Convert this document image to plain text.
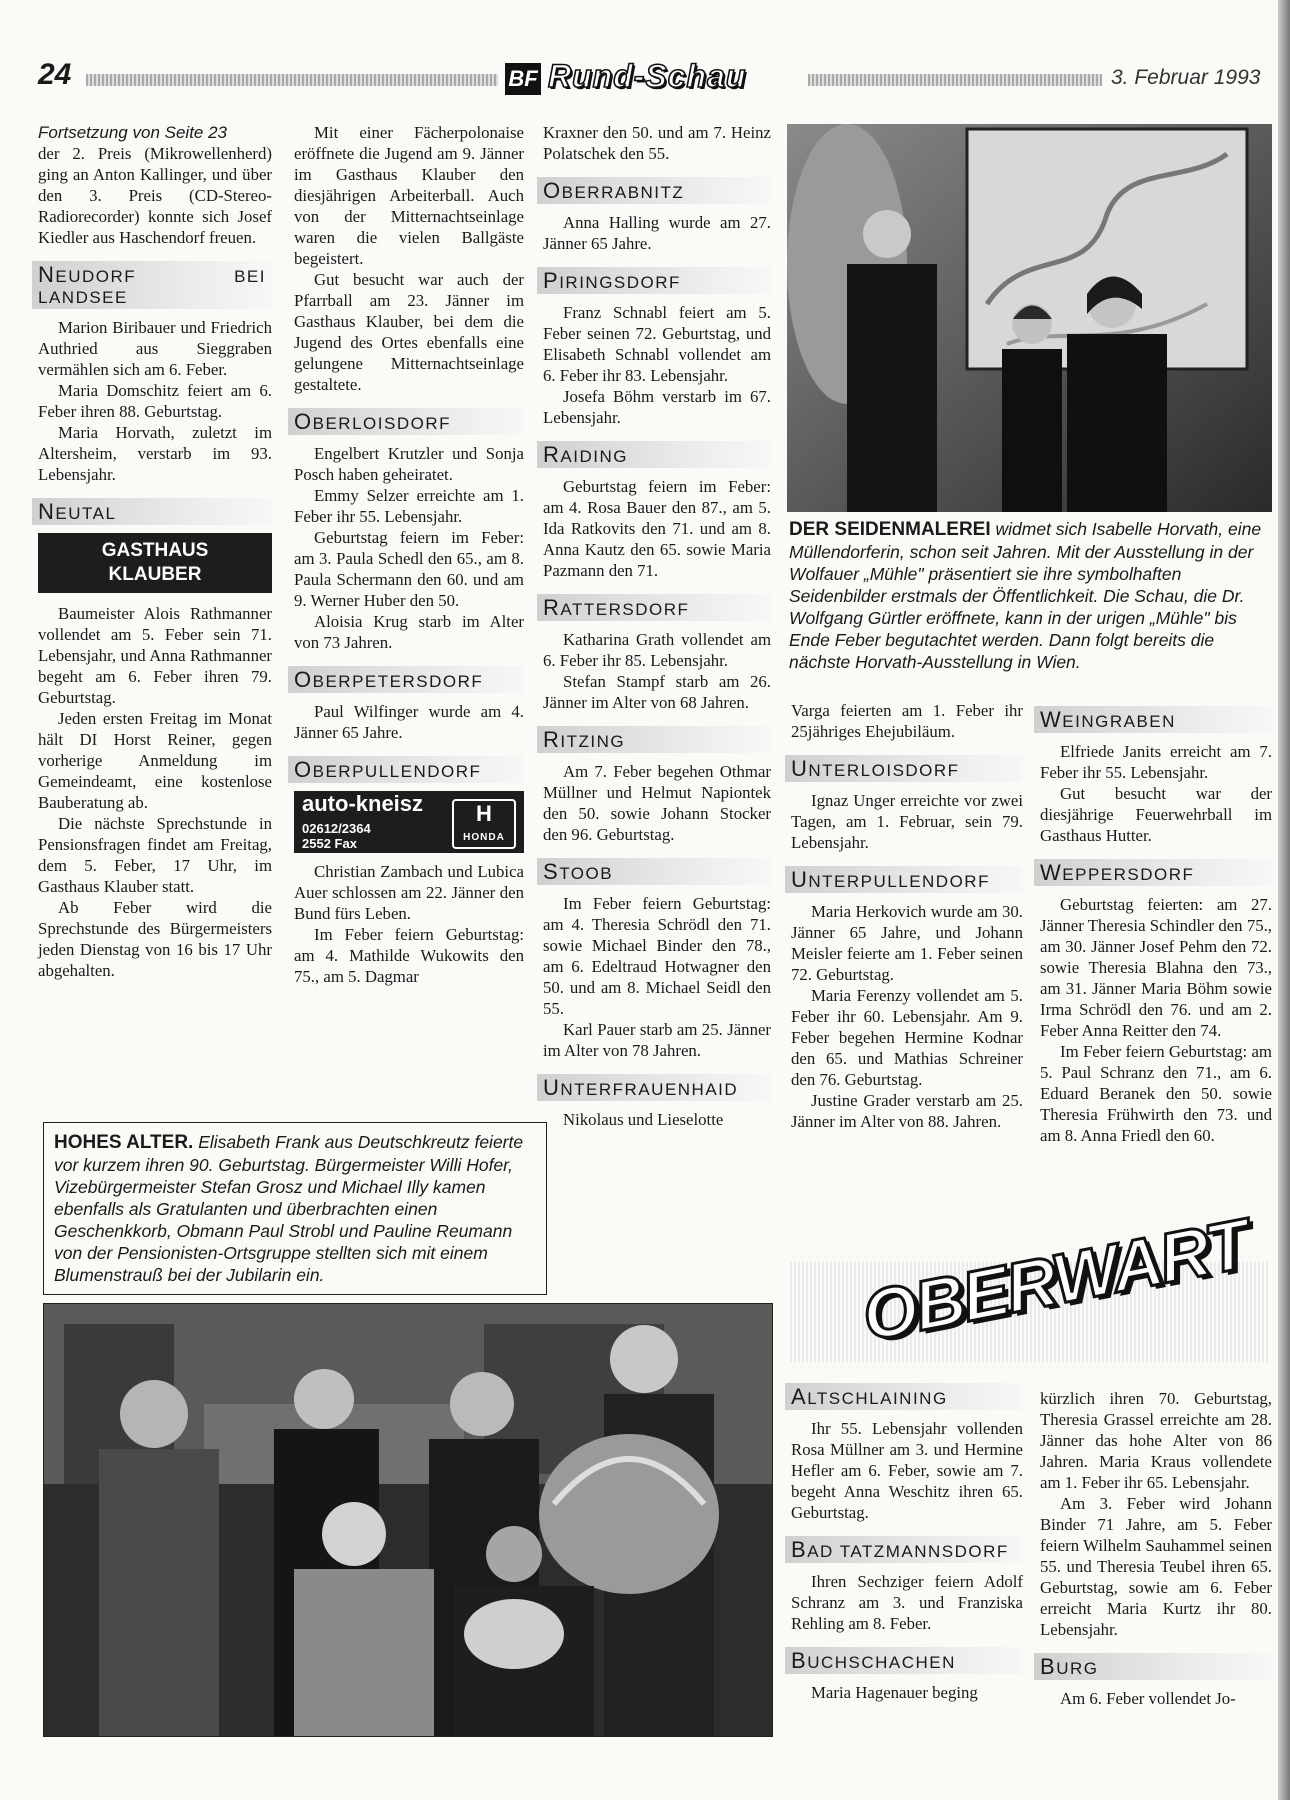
24	BF Rund-Schau	3. Februar 1993

Fortsetzung von Seite 23

der 2. Preis (Mikrowellenherd) ging an Anton Kallinger, und über den 3. Preis (CD-Stereo-Radiorecorder) konnte sich Josef Kiedler aus Haschendorf freuen.

NEUDORF BEI LANDSEE

Marion Biribauer und Friedrich Authried aus Sieggraben vermählen sich am 6. Feber.

Maria Domschitz feiert am 6. Feber ihren 88. Geburtstag.

Maria Horvath, zuletzt im Altersheim, verstarb im 93. Lebensjahr.

NEUTAL
GASTHAUS
KLAUBER

Baumeister Alois Rathmanner vollendet am 5. Feber sein 71. Lebensjahr, und Anna Rathmanner begeht am 6. Feber ihren 79. Geburtstag.

Jeden ersten Freitag im Monat hält DI Horst Reiner, gegen vorherige Anmeldung im Gemeindeamt, eine kostenlose Bauberatung ab.

Die nächste Sprechstunde in Pensionsfragen findet am Freitag, dem 5. Feber, 17 Uhr, im Gasthaus Klauber statt.

Ab Feber wird die Sprechstunde des Bürgermeisters jeden Dienstag von 16 bis 17 Uhr abgehalten.

Mit einer Fächerpolonaise eröffnete die Jugend am 9. Jänner im Gasthaus Klauber den diesjährigen Arbeiterball. Auch von der Mitternachtseinlage waren die vielen Ballgäste begeistert.

Gut besucht war auch der Pfarrball am 23. Jänner im Gasthaus Klauber, bei dem die Jugend des Ortes ebenfalls eine gelungene Mitternachtseinlage gestaltete.

OBERLOISDORF

Engelbert Krutzler und Sonja Posch haben geheiratet.

Emmy Selzer erreichte am 1. Feber ihr 55. Lebensjahr.

Geburtstag feiern im Feber: am 3. Paula Schedl den 65., am 8. Paula Schermann den 60. und am 9. Werner Huber den 50.

Aloisia Krug starb im Alter von 73 Jahren.

OBERPETERSDORF

Paul Wilfinger wurde am 4. Jänner 65 Jahre.

OBERPULLENDORF
auto-kneisz
02612/2364
2552 Fax
H
HONDA

Christian Zambach und Lubica Auer schlossen am 22. Jänner den Bund fürs Leben.

Im Feber feiern Geburtstag: am 4. Mathilde Wukowits den 75., am 5. Dagmar

Kraxner den 50. und am 7. Heinz Polatschek den 55.

OBERRABNITZ

Anna Halling wurde am 27. Jänner 65 Jahre.

PIRINGSDORF

Franz Schnabl feiert am 5. Feber seinen 72. Geburtstag, und Elisabeth Schnabl vollendet am 6. Feber ihr 83. Lebensjahr.

Josefa Böhm verstarb im 67. Lebensjahr.

RAIDING

Geburtstag feiern im Feber: am 4. Rosa Bauer den 87., am 5. Ida Ratkovits den 71. und am 8. Anna Kautz den 65. sowie Maria Pazmann den 71.

RATTERSDORF

Katharina Grath vollendet am 6. Feber ihr 85. Lebensjahr.

Stefan Stampf starb am 26. Jänner im Alter von 68 Jahren.

RITZING

Am 7. Feber begehen Othmar Müllner und Helmut Napiontek den 50. sowie Johann Stocker den 96. Geburtstag.

STOOB

Im Feber feiern Geburtstag: am 4. Theresia Schrödl den 71. sowie Michael Binder den 78., am 6. Edeltraud Hotwagner den 50. und am 8. Michael Seidl den 55.

Karl Pauer starb am 25. Jänner im Alter von 78 Jahren.

UNTERFRAUENHAID

Nikolaus und Lieselotte

DER SEIDENMALEREI widmet sich Isabelle Horvath, eine Müllendorferin, schon seit Jahren. Mit der Ausstellung in der Wolfauer „Mühle" präsentiert sie ihre symbolhaften Seidenbilder erstmals der Öffentlichkeit. Die Schau, die Dr. Wolfgang Gürtler eröffnete, kann in der urigen „Mühle" bis Ende Feber begutachtet werden. Dann folgt bereits die nächste Horvath-Ausstellung in Wien.

Varga feierten am 1. Feber ihr 25jähriges Ehejubiläum.

UNTERLOISDORF

Ignaz Unger erreichte vor zwei Tagen, am 1. Februar, sein 79. Lebensjahr.

UNTERPULLENDORF

Maria Herkovich wurde am 30. Jänner 65 Jahre, und Johann Meisler feierte am 1. Feber seinen 72. Geburtstag.

Maria Ferenzy vollendet am 5. Feber ihr 60. Lebensjahr. Am 9. Feber begehen Hermine Kodnar den 65. und Mathias Schreiner den 76. Geburtstag.

Justine Grader verstarb am 25. Jänner im Alter von 88. Jahren.

WEINGRABEN

Elfriede Janits erreicht am 7. Feber ihr 55. Lebensjahr.

Gut besucht war der diesjährige Feuerwehrball im Gasthaus Hutter.

WEPPERSDORF

Geburtstag feierten: am 27. Jänner Theresia Schindler den 75., am 30. Jänner Josef Pehm den 72. sowie Theresia Blahna den 73., am 31. Jänner Maria Böhm sowie Irma Schrödl den 76. und am 2. Feber Anna Reitter den 74.

Im Feber feiern Geburtstag: am 5. Paul Schranz den 71., am 6. Eduard Beranek den 50. sowie Theresia Frühwirth den 73. und am 8. Anna Friedl den 60.

HOHES ALTER. Elisabeth Frank aus Deutschkreutz feierte vor kurzem ihren 90. Geburtstag. Bürgermeister Willi Hofer, Vizebürgermeister Stefan Grosz und Michael Illy kamen ebenfalls als Gratulanten und überbrachten einen Geschenkkorb, Obmann Paul Strobl und Pauline Reumann von der Pensionisten-Ortsgruppe stellten sich mit einem Blumenstrauß bei der Jubilarin ein.	OBERWART
ALTSCHLAINING

Ihr 55. Lebensjahr vollenden Rosa Müllner am 3. und Hermine Hefler am 6. Feber, sowie am 7. begeht Anna Weschitz ihren 65. Geburtstag.

BAD TATZMANNSDORF

Ihren Sechziger feiern Adolf Schranz am 3. und Franziska Rehling am 8. Feber.

BUCHSCHACHEN

Maria Hagenauer beging

kürzlich ihren 70. Geburtstag, Theresia Grassel erreichte am 28. Jänner das hohe Alter von 86 Jahren. Maria Kraus vollendete am 1. Feber ihr 65. Lebensjahr.

Am 3. Feber wird Johann Binder 71 Jahre, am 5. Feber feiern Wilhelm Sauhammel seinen 55. und Theresia Teubel ihren 65. Geburtstag, sowie am 6. Feber erreicht Maria Kurtz ihr 80. Lebensjahr.

BURG

Am 6. Feber vollendet Jo-
